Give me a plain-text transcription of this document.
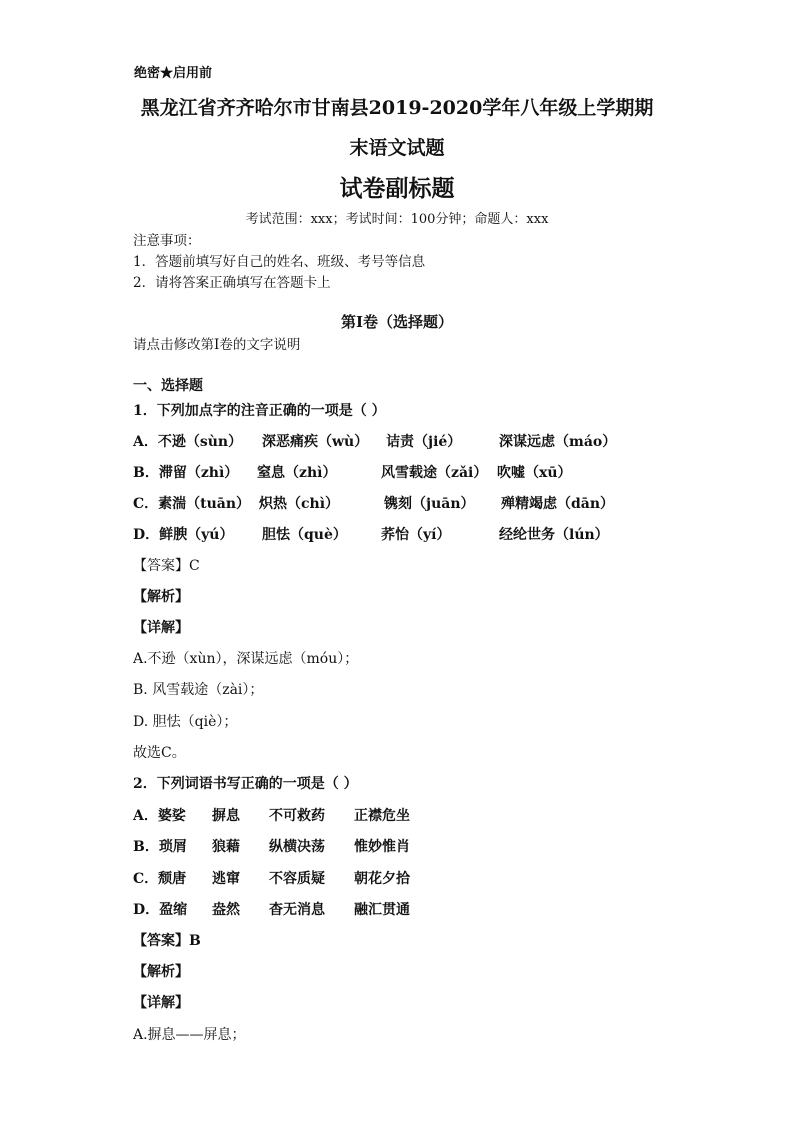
绝密★启用前
黑龙江省齐齐哈尔市甘南县2019-2020学年八年级上学期期
末语文试题
试卷副标题
考试范围：xxx；考试时间：100分钟；命题人：xxx
注意事项：
1．答题前填写好自己的姓名、班级、考号等信息
2．请将答案正确填写在答题卡上
第I卷（选择题）
请点击修改第I卷的文字说明
一、选择题
1．下列加点字的注音正确的一项是（ ）
A．不逊（sùn） 深恶痛疾（wù） 诘责（jié）	深谋远虑（máo）
B．滞留（zhì） 窒息（zhì）	风雪载途（zǎi） 吹嘘（xū）
C．素湍（tuān） 炽热（chì）	镌刻（juān） 殚精竭虑（dān）
D．鲜腴（yú） 胆怯（què） 荞怡（yí）	经纶世务（lún）
【答案】C
【解析】
【详解】
A.不逊（xùn），深谋远虑（móu）；
B. 风雪载途（zài）；
D. 胆怯（qiè）；
故选C。
2．下列词语书写正确的一项是（ ）
A．婆娑 摒息 不可救药 正襟危坐
B．琐屑 狼藉 纵横决荡 惟妙惟肖
C．颓唐 逃窜 不容质疑 朝花夕拾
D．盈缩 盎然 杳无消息 融汇贯通
【答案】B
【解析】
【详解】
A.摒息——屏息；
